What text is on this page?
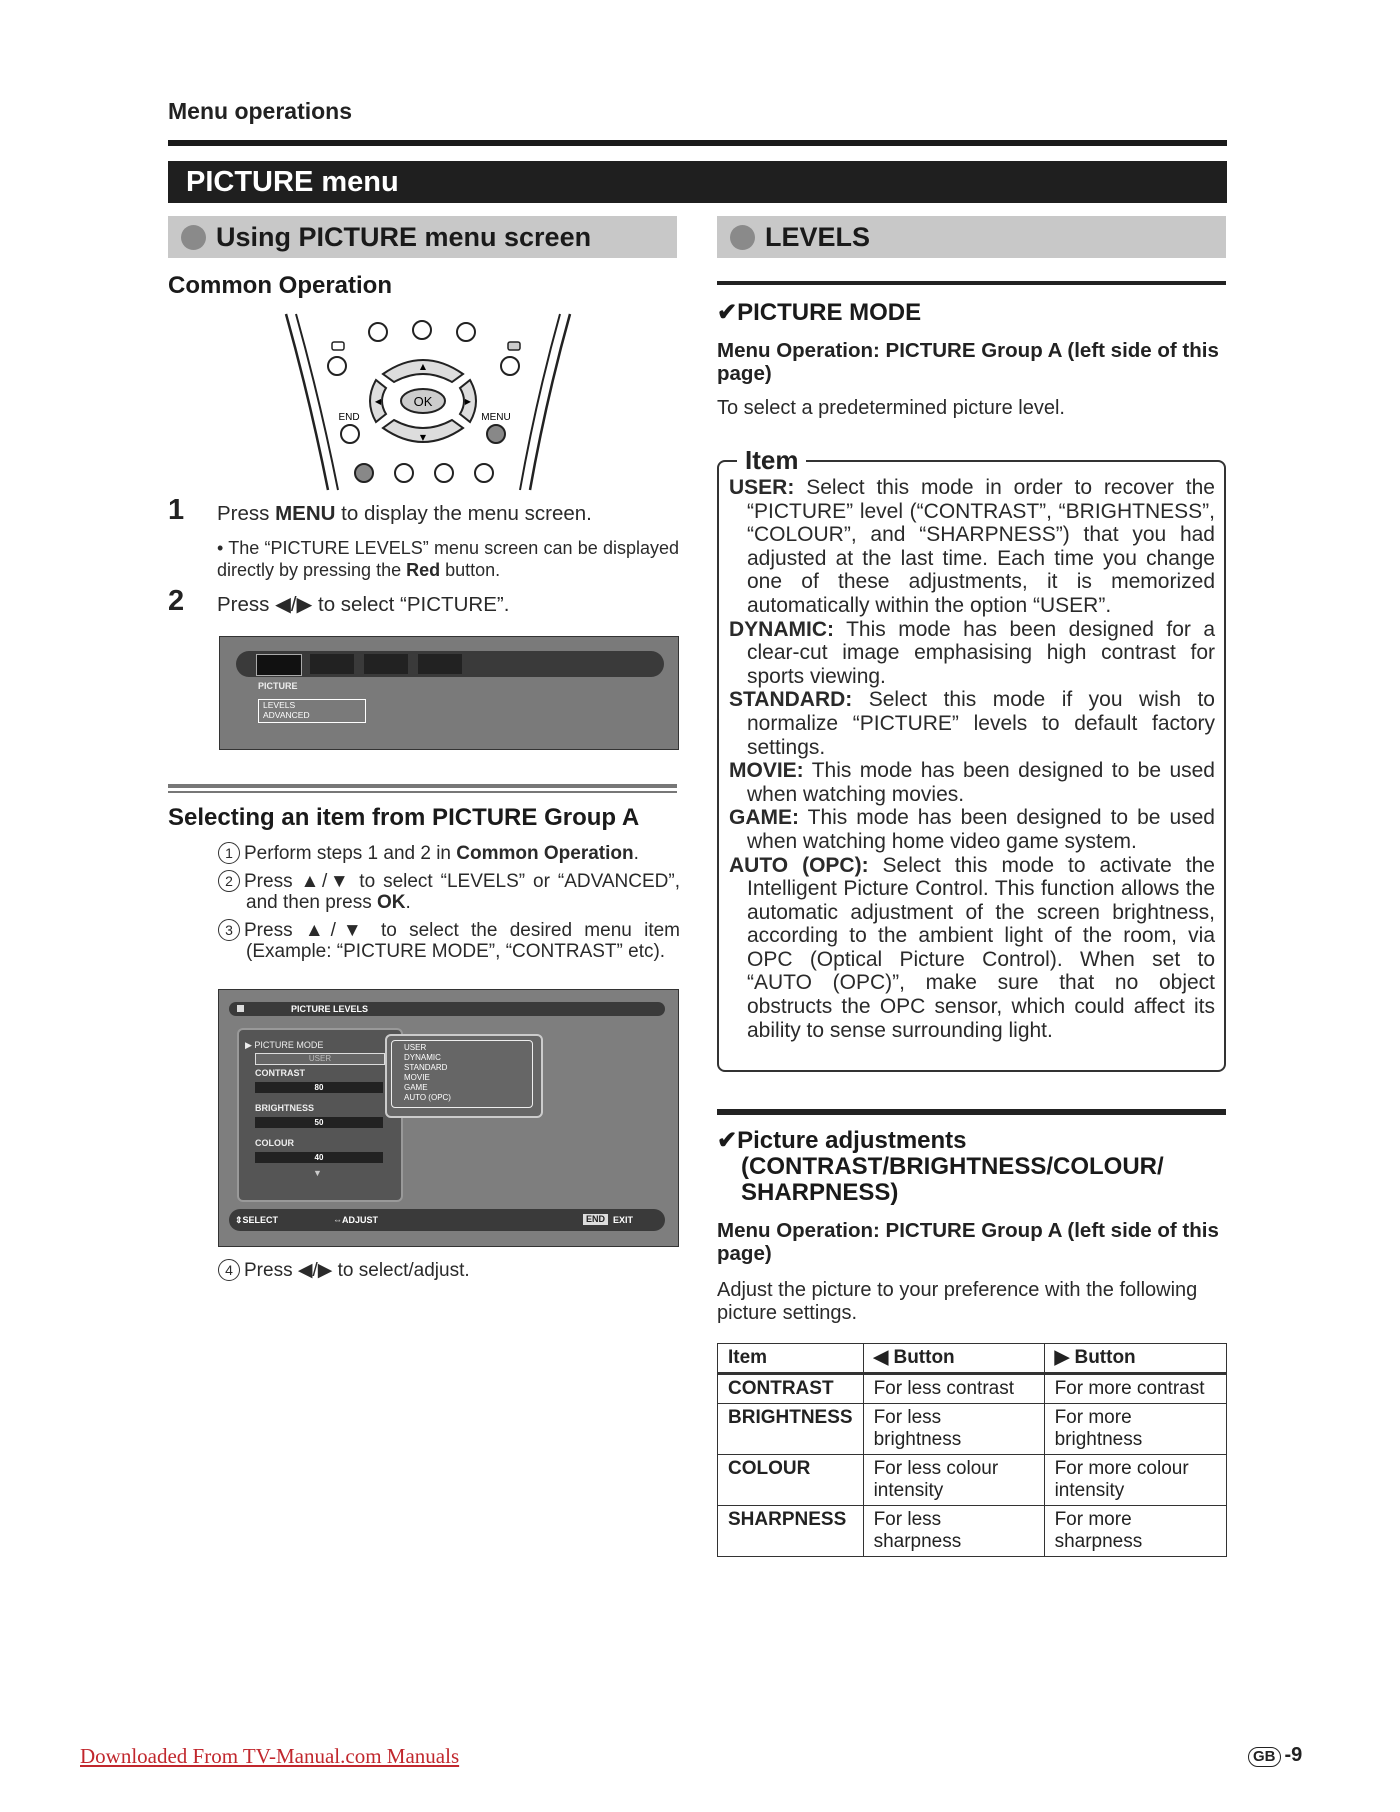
Menu operations
PICTURE menu
Using PICTURE menu screen
Common Operation
OK
END	MENU
▲
▼
◀	▶
1 Press MENU to display the menu screen.
• The “PICTURE LEVELS” menu screen can be displayed directly by pressing the Red button.
2 Press ◀/▶ to select “PICTURE”.
PICTURE
LEVELS
ADVANCED
Selecting an item from PICTURE Group A
1 Perform steps 1 and 2 in Common Operation.
2 Press ▲/▼ to select “LEVELS” or “ADVANCED”, and then press OK.
3 Press ▲/▼ to select the desired menu item (Example: “PICTURE MODE”, “CONTRAST” etc).
PICTURE LEVELS
▶ PICTURE MODE
USER
CONTRAST
80
BRIGHTNESS
50
COLOUR
40
▼
USER
DYNAMIC
STANDARD
MOVIE
GAME
AUTO (OPC)
⇕SELECT	⇔ADJUST	END EXIT
4 Press ◀/▶ to select/adjust.
LEVELS
✔PICTURE MODE
Menu Operation: PICTURE Group A (left side of this page)
To select a predetermined picture level.
Item
USER: Select this mode in order to recover the “PICTURE” level (“CONTRAST”, “BRIGHTNESS”, “COLOUR”, and “SHARPNESS”) that you had adjusted at the last time. Each time you change one of these adjustments, it is memorized automatically within the option “USER”.
DYNAMIC: This mode has been designed for a clear-cut image emphasising high contrast for sports viewing.
STANDARD: Select this mode if you wish to normalize “PICTURE” levels to default factory settings.
MOVIE: This mode has been designed to be used when watching movies.
GAME: This mode has been designed to be used when watching home video game system.
AUTO (OPC): Select this mode to activate the Intelligent Picture Control. This function allows the automatic adjustment of the screen brightness, according to the ambient light of the room, via OPC (Optical Picture Control). When set to “AUTO (OPC)”, make sure that no object obstructs the OPC sensor, which could affect its ability to sense surrounding light.
✔Picture adjustments
(CONTRAST/BRIGHTNESS/COLOUR/
SHARPNESS)
Menu Operation: PICTURE Group A (left side of this page)
Adjust the picture to your preference with the following picture settings.
Item	◀ Button	▶ Button
CONTRAST	For less contrast	For more contrast
BRIGHTNESS	For less brightness	For more brightness
COLOUR	For less colour intensity	For more colour intensity
SHARPNESS	For less sharpness	For more sharpness
Downloaded From TV-Manual.com Manuals	GB -9
